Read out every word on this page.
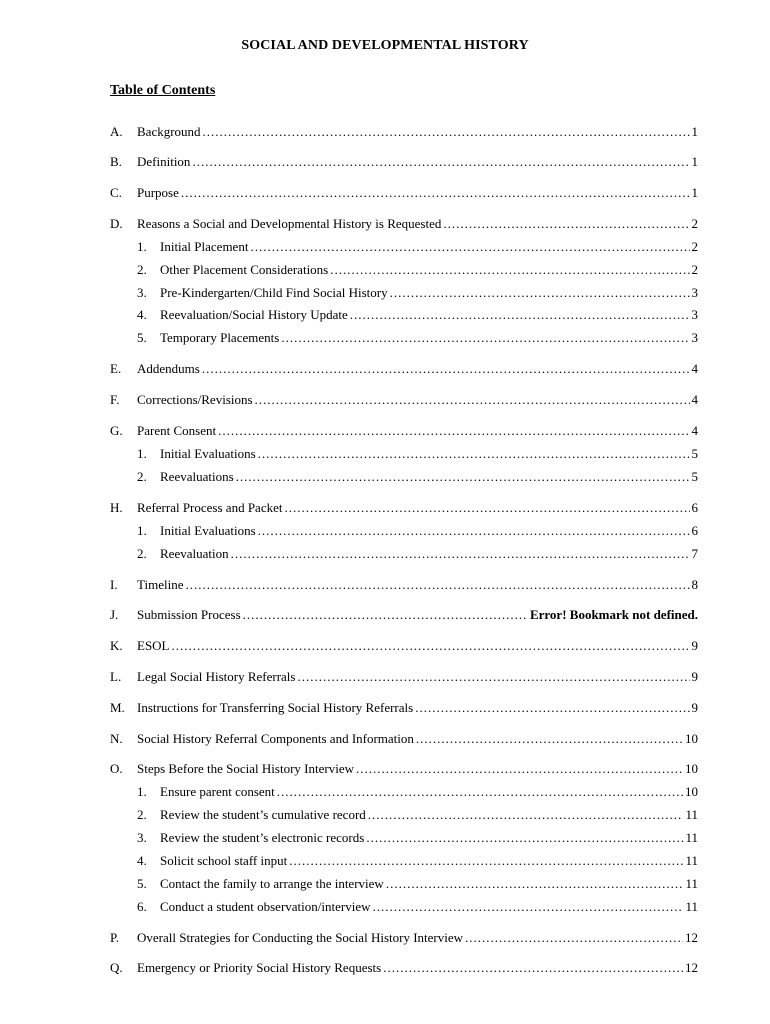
SOCIAL AND DEVELOPMENTAL HISTORY
Table of Contents
A.	Background .....	1
B.	Definition .....	1
C.	Purpose .....	1
D.	Reasons a Social and Developmental History is Requested .....	2
1.	Initial Placement .....	2
2.	Other Placement Considerations .....	2
3.	Pre-Kindergarten/Child Find Social History .....	3
4.	Reevaluation/Social History Update .....	3
5.	Temporary Placements .....	3
E.	Addendums .....	4
F.	Corrections/Revisions .....	4
G.	Parent Consent .....	4
1.	Initial Evaluations .....	5
2.	Reevaluations .....	5
H.	Referral Process and Packet .....	6
1.	Initial Evaluations .....	6
2.	Reevaluation .....	7
I.	Timeline .....	8
J.	Submission Process .....	Error! Bookmark not defined.
K.	ESOL .....	9
L.	Legal Social History Referrals .....	9
M. Instructions for Transferring Social History Referrals .....	9
N.	Social History Referral Components and Information .....	10
O.	Steps Before the Social History Interview .....	10
1.	Ensure parent consent .....	10
2.	Review the student’s cumulative record .....	11
3.	Review the student’s electronic records .....	11
4.	Solicit school staff input .....	11
5.	Contact the family to arrange the interview .....	11
6.	Conduct a student observation/interview .....	11
P.	Overall Strategies for Conducting the Social History Interview .....	12
Q.	Emergency or Priority Social History Requests .....	12
